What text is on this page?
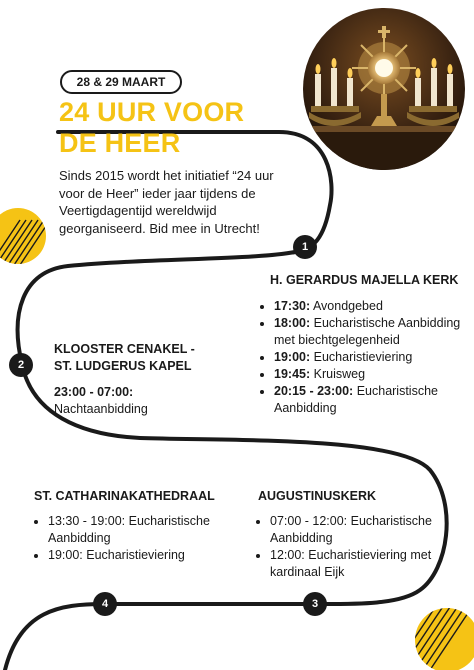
28 & 29 MAART
24 UUR VOOR
DE HEER
Sinds 2015 wordt het initiatief “24 uur voor de Heer” ieder jaar tijdens de Veertigdagentijd wereldwijd georganiseerd. Bid mee in Utrecht!
1
2
3
4
H. GERARDUS MAJELLA KERK
• 17:30: Avondgebed
• 18:00: Eucharistische Aanbidding met biechtgelegenheid
• 19:00: Eucharistieviering
• 19:45: Kruisweg
• 20:15 - 23:00: Eucharistische Aanbidding
KLOOSTER CENAKEL -
ST. LUDGERUS KAPEL
23:00 - 07:00:
Nachtaanbidding
ST. CATHARINAKATHEDRAAL
• 13:30 - 19:00: Eucharistische Aanbidding
• 19:00: Eucharistieviering
AUGUSTINUSKERK
• 07:00 - 12:00: Eucharistische Aanbidding
• 12:00: Eucharistieviering met kardinaal Eijk
